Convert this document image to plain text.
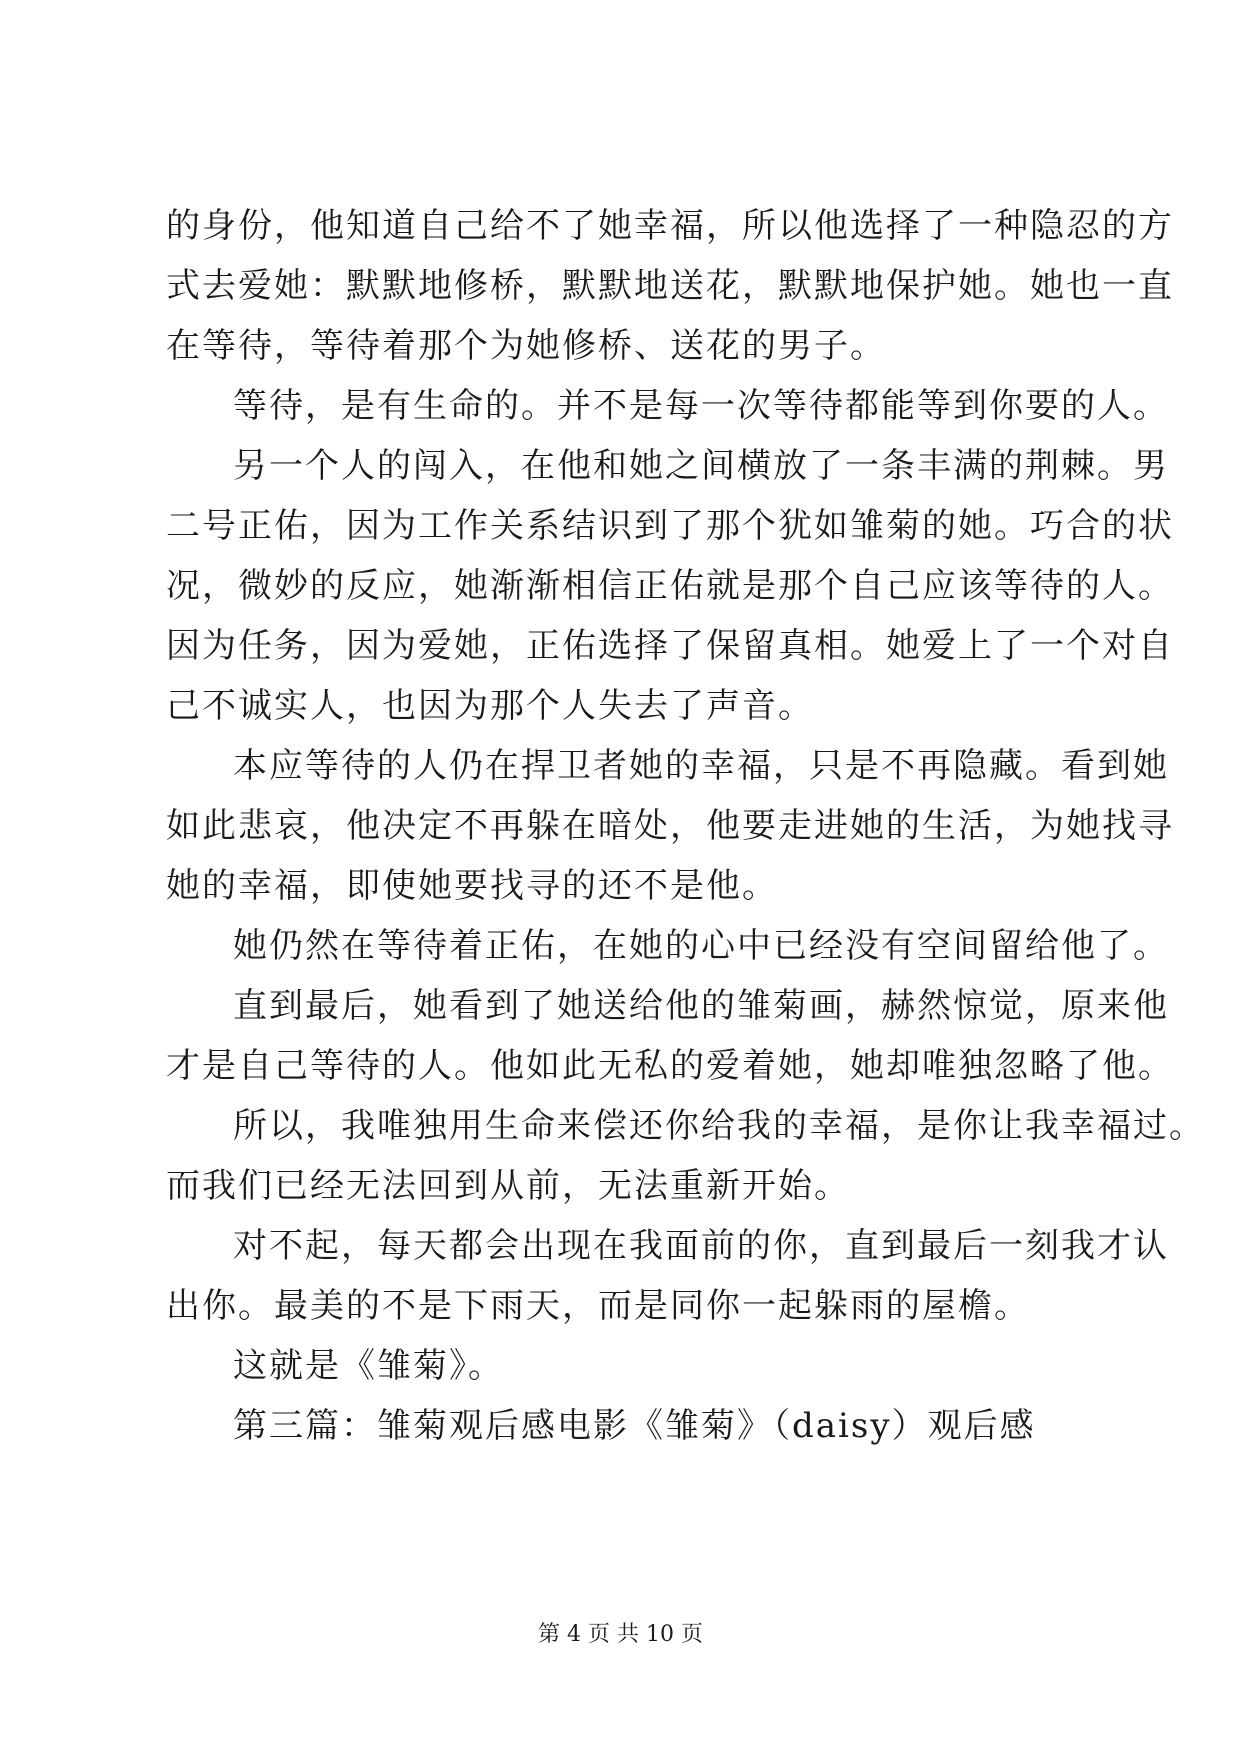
的身份，他知道自己给不了她幸福，所以他选择了一种隐忍的方
式去爱她：默默地修桥，默默地送花，默默地保护她。她也一直
在等待，等待着那个为她修桥、送花的男子。
等待，是有生命的。并不是每一次等待都能等到你要的人。
另一个人的闯入，在他和她之间横放了一条丰满的荆棘。男
二号正佑，因为工作关系结识到了那个犹如雏菊的她。巧合的状
况，微妙的反应，她渐渐相信正佑就是那个自己应该等待的人。
因为任务，因为爱她，正佑选择了保留真相。她爱上了一个对自
己不诚实人，也因为那个人失去了声音。
本应等待的人仍在捍卫者她的幸福，只是不再隐藏。看到她
如此悲哀，他决定不再躲在暗处，他要走进她的生活，为她找寻
她的幸福，即使她要找寻的还不是他。
她仍然在等待着正佑，在她的心中已经没有空间留给他了。
直到最后，她看到了她送给他的雏菊画，赫然惊觉，原来他
才是自己等待的人。他如此无私的爱着她，她却唯独忽略了他。
所以，我唯独用生命来偿还你给我的幸福，是你让我幸福过。
而我们已经无法回到从前，无法重新开始。
对不起，每天都会出现在我面前的你，直到最后一刻我才认
出你。最美的不是下雨天，而是同你一起躲雨的屋檐。
这就是《雏菊》。
第三篇：雏菊观后感电影《雏菊》（daisy）观后感
第 4 页 共 10 页
